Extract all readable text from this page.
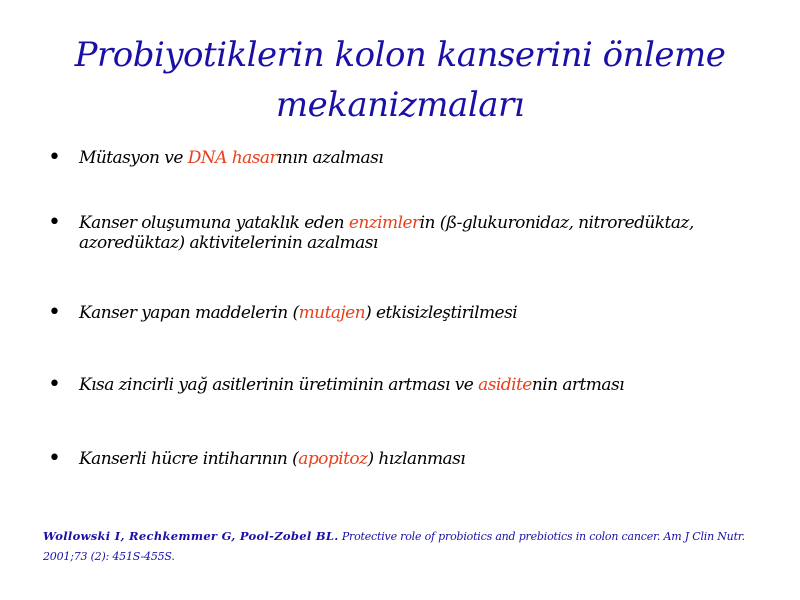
Probiyotiklerin kolon kanserini önleme
mekanizmaları
•	Mütasyon ve DNA hasarının azalması
•	Kanser oluşumuna yataklık eden enzimlerin (ß-glukuronidaz, nitroredüktaz, azoredüktaz) aktivitelerinin azalması
•	Kanser yapan maddelerin (mutajen) etkisizleştirilmesi
•	Kısa zincirli yağ asitlerinin üretiminin artması ve asiditenin artması
•	Kanserli hücre intiharının (apopitoz) hızlanması
Wollowski I, Rechkemmer G, Pool-Zobel BL. Protective role of probiotics and prebiotics in colon cancer. Am J Clin Nutr. 2001;73 (2): 451S-455S.
